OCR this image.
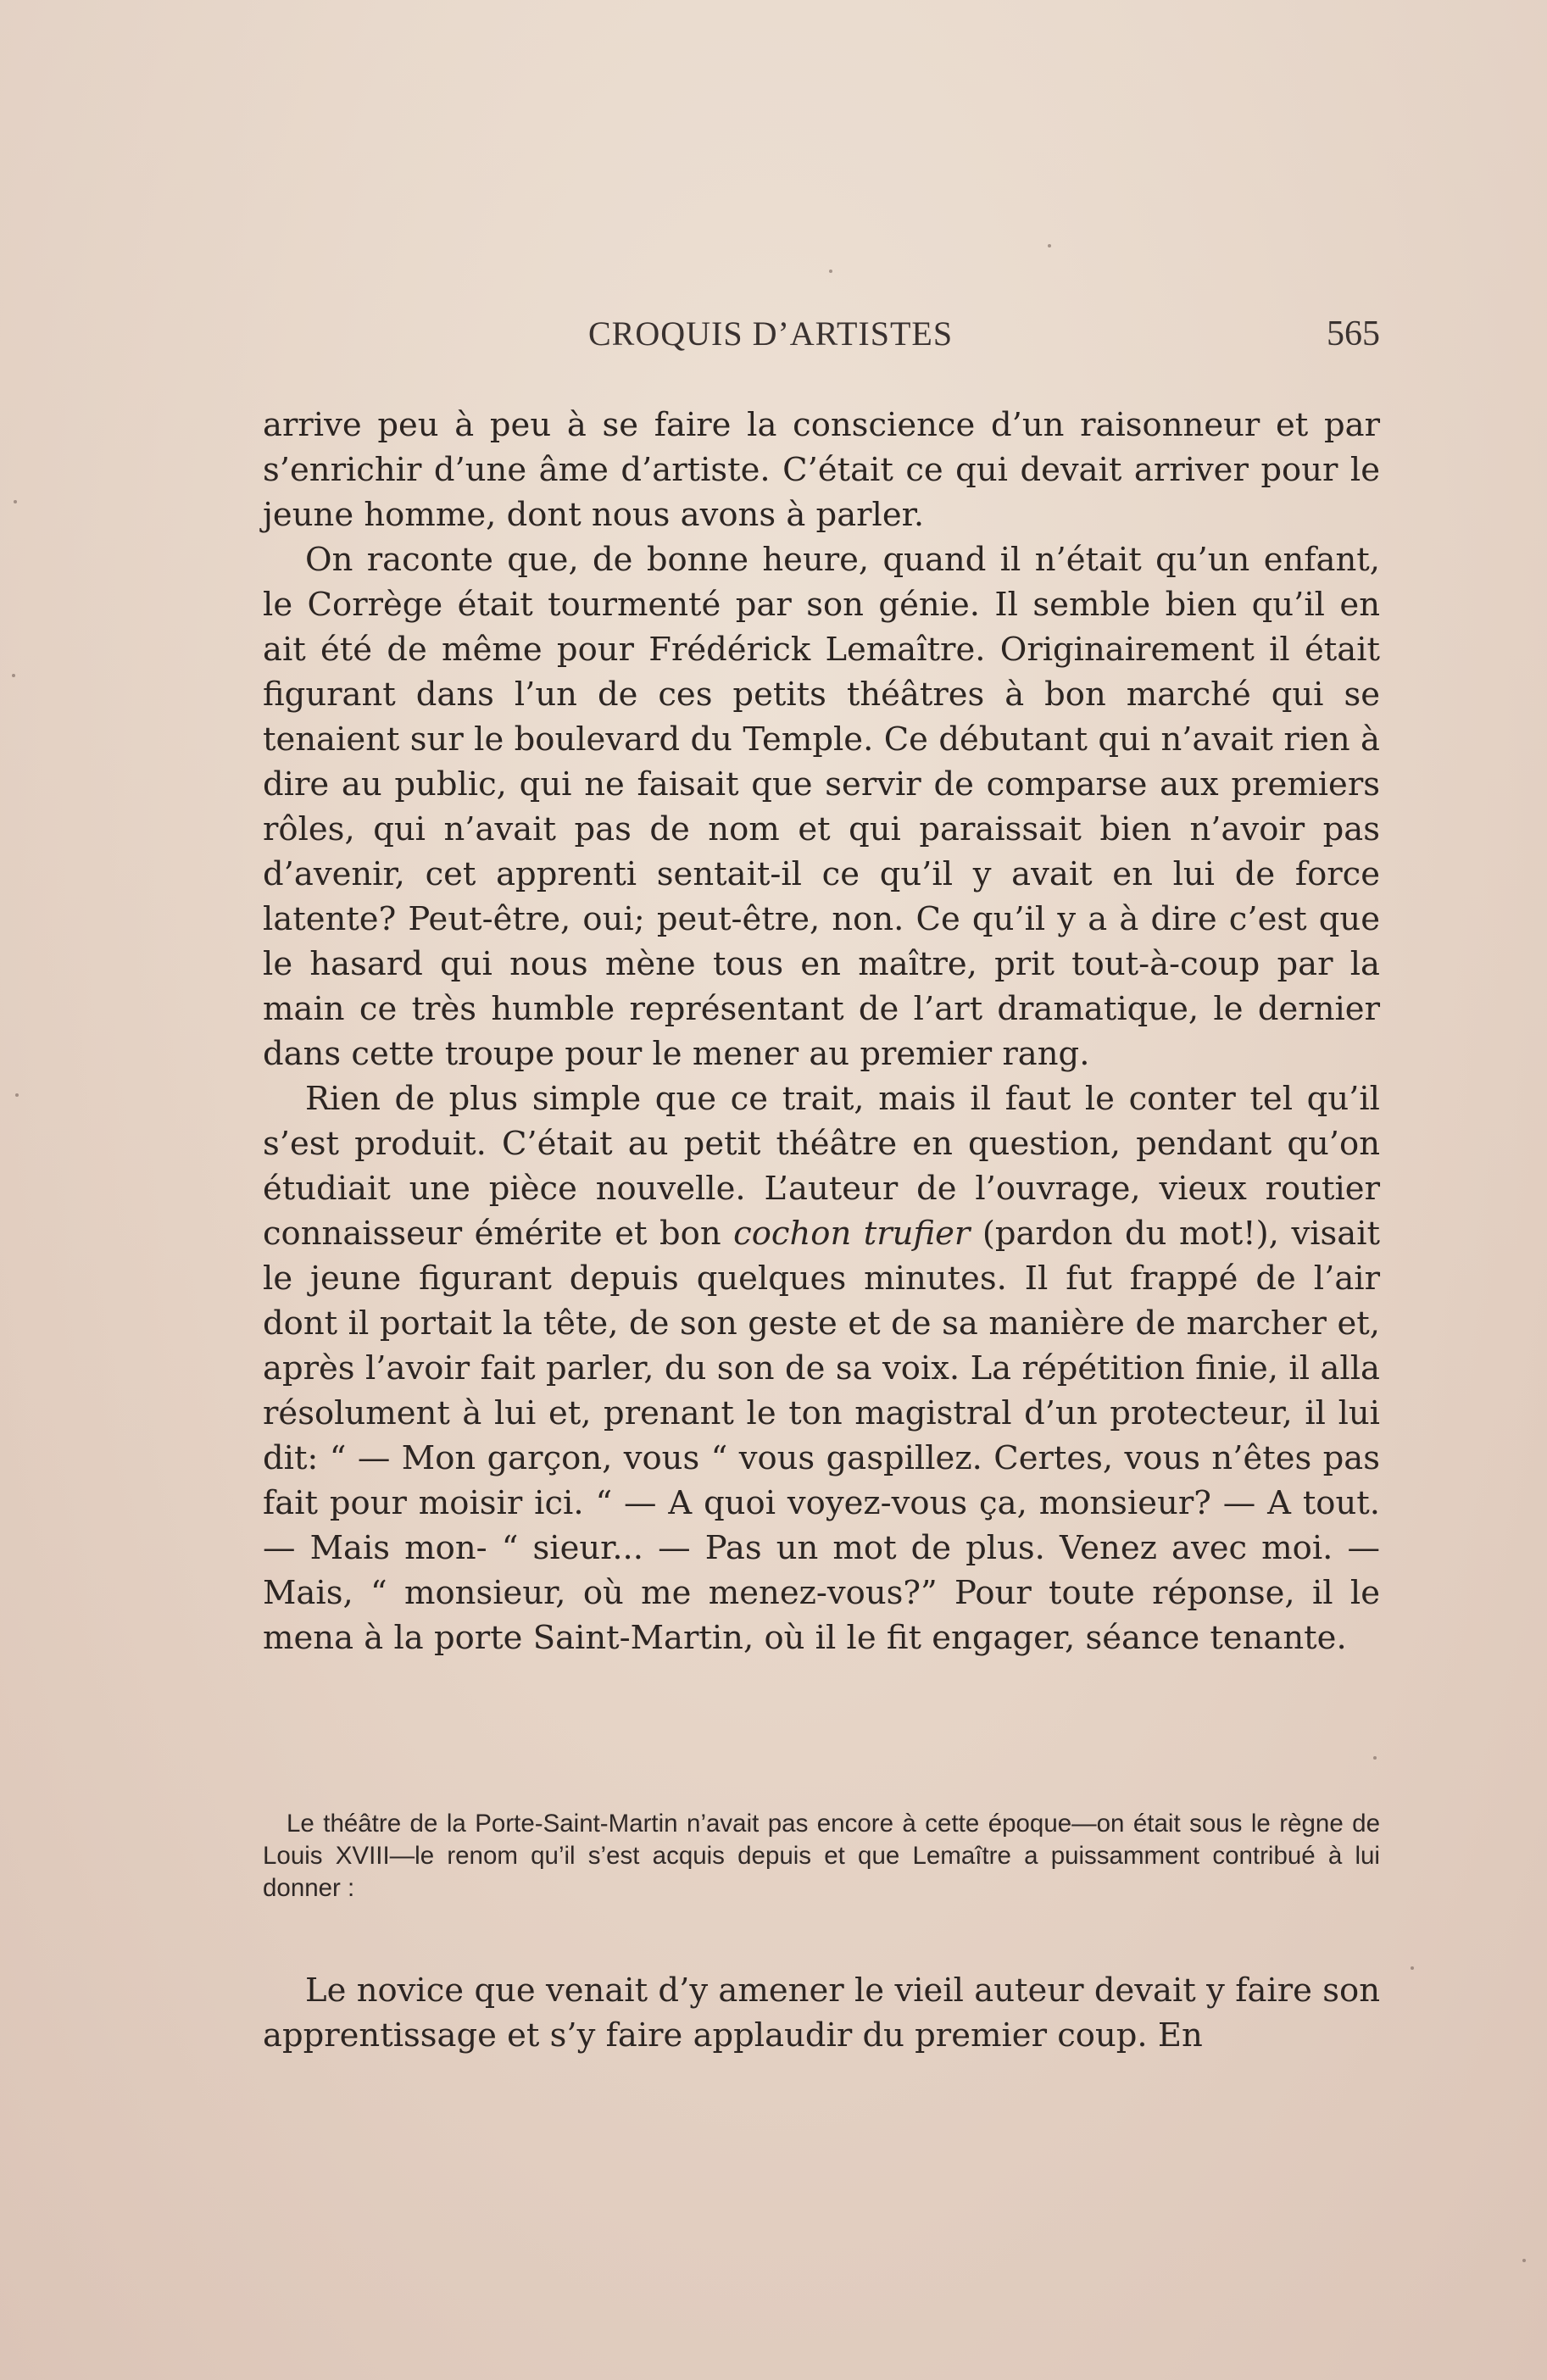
CROQUIS D’ARTISTES	565

arrive peu à peu à se faire la conscience d’un raisonneur et par s’enrichir d’une âme d’artiste. C’était ce qui devait arriver pour le jeune homme, dont nous avons à parler.

On raconte que, de bonne heure, quand il n’était qu’un enfant, le Corrège était tourmenté par son génie. Il semble bien qu’il en ait été de même pour Frédérick Lemaître. Originairement il était figurant dans l’un de ces petits théâtres à bon marché qui se tenaient sur le boulevard du Temple. Ce débutant qui n’avait rien à dire au public, qui ne faisait que servir de comparse aux premiers rôles, qui n’avait pas de nom et qui paraissait bien n’avoir pas d’avenir, cet apprenti sentait-il ce qu’il y avait en lui de force latente? Peut-être, oui; peut-être, non. Ce qu’il y a à dire c’est que le hasard qui nous mène tous en maître, prit tout-à-coup par la main ce très humble représentant de l’art dramatique, le dernier dans cette troupe pour le mener au premier rang.

Rien de plus simple que ce trait, mais il faut le conter tel qu’il s’est produit. C’était au petit théâtre en question, pendant qu’on étudiait une pièce nouvelle. L’auteur de l’ouvrage, vieux routier connaisseur émérite et bon cochon trufier (pardon du mot!), visait le jeune figurant depuis quelques minutes. Il fut frappé de l’air dont il portait la tête, de son geste et de sa manière de marcher et, après l’avoir fait parler, du son de sa voix. La répétition finie, il alla résolument à lui et, prenant le ton magistral d’un protecteur, il lui dit: “ — Mon garçon, vous “ vous gaspillez. Certes, vous n’êtes pas fait pour moisir ici. “ — A quoi voyez-vous ça, monsieur? — A tout. — Mais mon- “ sieur... — Pas un mot de plus. Venez avec moi. — Mais, “ monsieur, où me menez-vous?” Pour toute réponse, il le mena à la porte Saint-Martin, où il le fit engager, séance tenante.

Le théâtre de la Porte-Saint-Martin n’avait pas encore à cette époque—on était sous le règne de Louis XVIII—le renom qu’il s’est acquis depuis et que Lemaître a puissamment contribué à lui donner :

Le novice que venait d’y amener le vieil auteur devait y faire son apprentissage et s’y faire applaudir du premier coup. En
